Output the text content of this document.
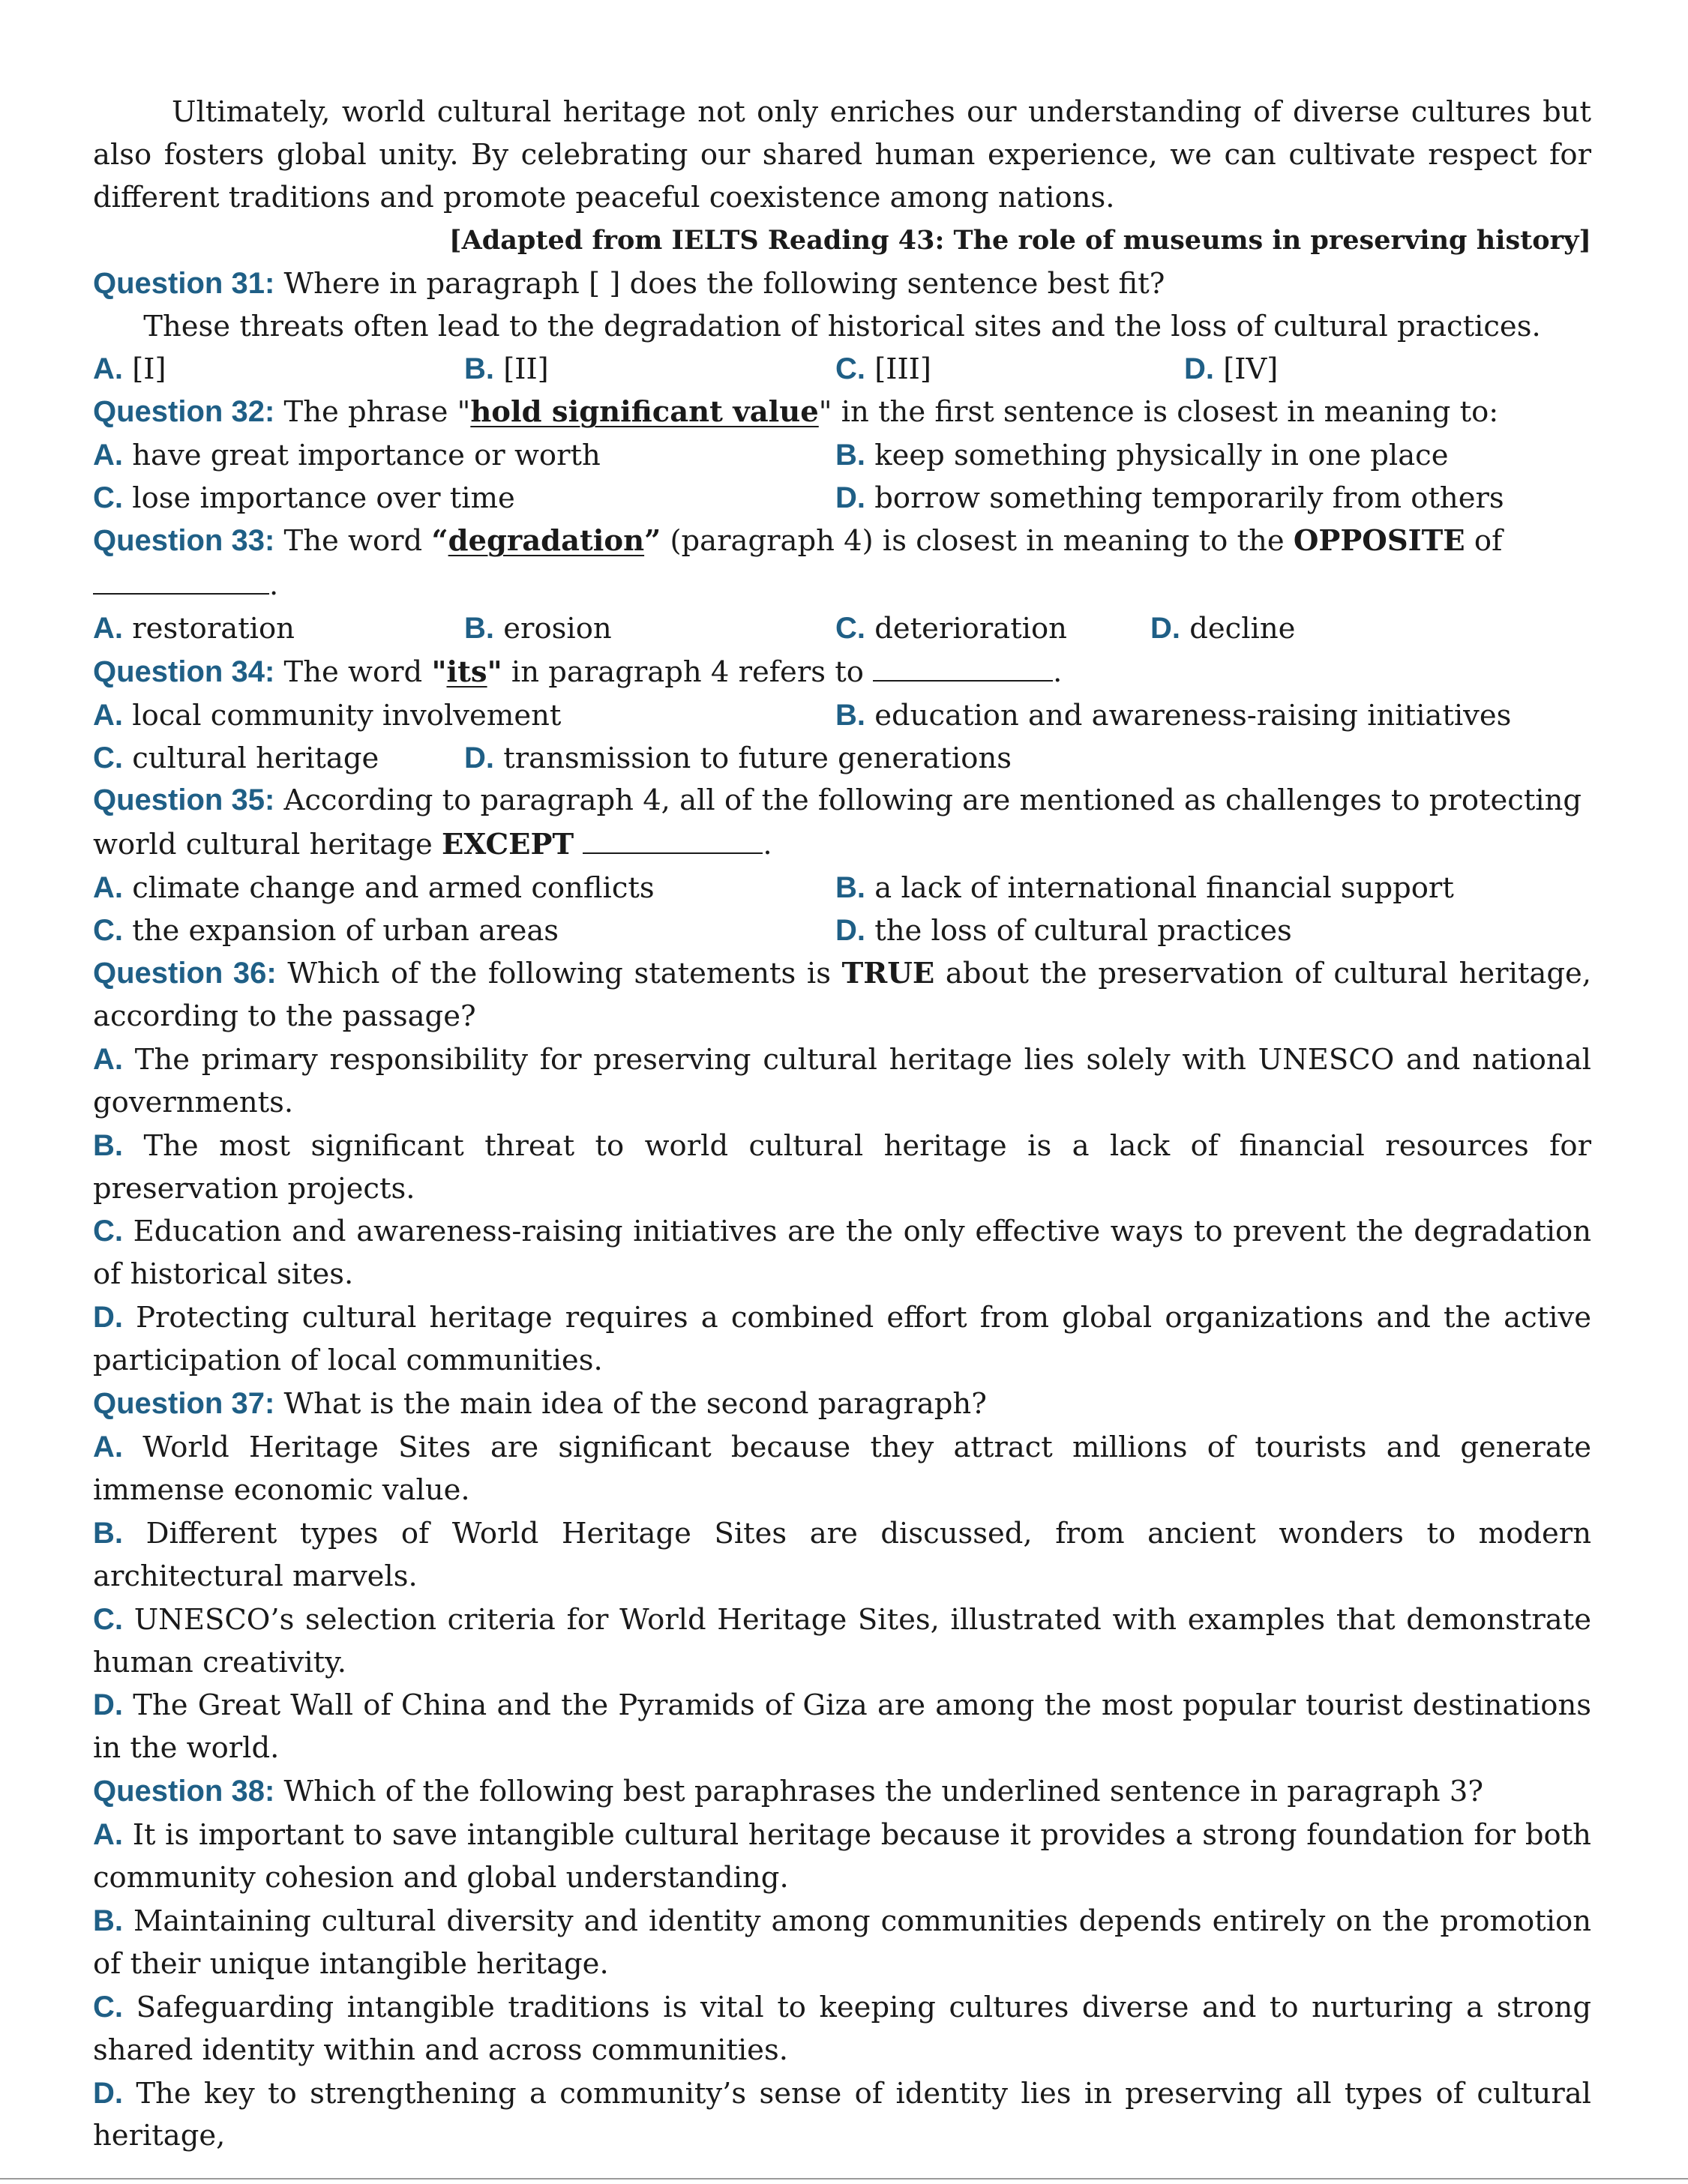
Ultimately, world cultural heritage not only enriches our understanding of diverse cultures but also fosters global unity. By celebrating our shared human experience, we can cultivate respect for different traditions and promote peaceful coexistence among nations.

[Adapted from IELTS Reading 43: The role of museums in preserving history]

Question 31: Where in paragraph [ ] does the following sentence best fit?

These threats often lead to the degradation of historical sites and the loss of cultural practices.

A. [I]	B. [II]	C. [III]	D. [IV]

Question 32: The phrase "hold significant value" in the first sentence is closest in meaning to:

A. have great importance or worth	B. keep something physically in one place
C. lose importance over time	D. borrow something temporarily from others

Question 33: The word “degradation” (paragraph 4) is closest in meaning to the OPPOSITE of.

A. restoration	B. erosion	C. deterioration	D. decline

Question 34: The word "its" in paragraph 4 refers to	.

A. local community involvement	B. education and awareness-raising initiatives
C. cultural heritage	D. transmission to future generations

Question 35: According to paragraph 4, all of the following are mentioned as challenges to protecting world cultural heritage EXCEPT	.

A. climate change and armed conflicts	B. a lack of international financial support
C. the expansion of urban areas	D. the loss of cultural practices

Question 36: Which of the following statements is TRUE about the preservation of cultural heritage, according to the passage?

A. The primary responsibility for preserving cultural heritage lies solely with UNESCO and national governments.

B. The most significant threat to world cultural heritage is a lack of financial resources for preservation projects.

C. Education and awareness-raising initiatives are the only effective ways to prevent the degradation of historical sites.

D. Protecting cultural heritage requires a combined effort from global organizations and the active participation of local communities.

Question 37: What is the main idea of the second paragraph?

A. World Heritage Sites are significant because they attract millions of tourists and generate immense economic value.

B. Different types of World Heritage Sites are discussed, from ancient wonders to modern architectural marvels.

C. UNESCO’s selection criteria for World Heritage Sites, illustrated with examples that demonstrate human creativity.

D. The Great Wall of China and the Pyramids of Giza are among the most popular tourist destinations in the world.

Question 38: Which of the following best paraphrases the underlined sentence in paragraph 3?

A. It is important to save intangible cultural heritage because it provides a strong foundation for both community cohesion and global understanding.

B. Maintaining cultural diversity and identity among communities depends entirely on the promotion of their unique intangible heritage.

C. Safeguarding intangible traditions is vital to keeping cultures diverse and to nurturing a strong shared identity within and across communities.

D. The key to strengthening a community’s sense of identity lies in preserving all types of cultural heritage,
